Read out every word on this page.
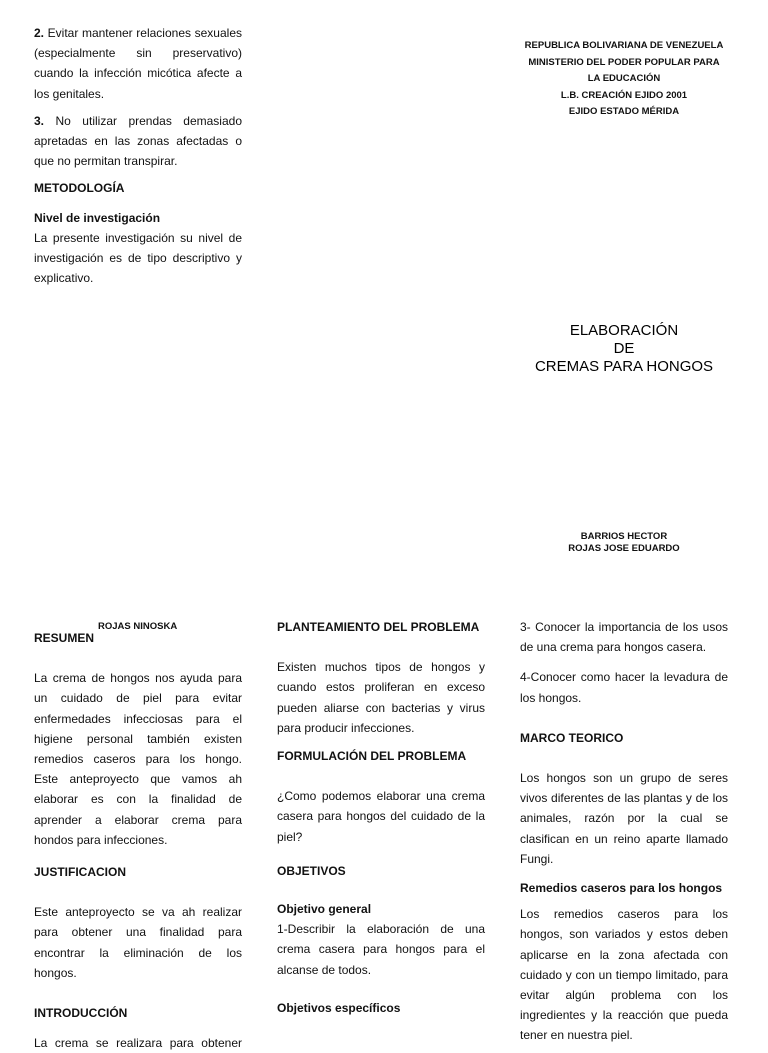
2. Evitar mantener relaciones sexuales (especialmente sin preservativo) cuando la infección micótica afecte a los genitales.

3. No utilizar prendas demasiado apretadas en las zonas afectadas o que no permitan transpirar.

METODOLOGÍA
Nivel de investigación

La presente investigación su nivel de investigación es de tipo descriptivo y explicativo.

REPUBLICA BOLIVARIANA DE VENEZUELA
MINISTERIO DEL PODER POPULAR PARA
LA EDUCACIÓN
L.B. CREACIÓN EJIDO 2001
EJIDO ESTADO MÉRIDA
ELABORACIÓN
DE
CREMAS PARA HONGOS
BARRIOS HECTOR
ROJAS JOSE EDUARDO
ROJAS NINOSKA
RESUMEN

La crema de hongos nos ayuda para un cuidado de piel para evitar enfermedades infecciosas para el higiene personal también existen remedios caseros para los hongo. Este anteproyecto que vamos ah elaborar es con la finalidad de aprender a elaborar crema para hondos para infecciones.

JUSTIFICACION

Este anteproyecto se va ah realizar para obtener una finalidad para encontrar la eliminación de los hongos.

INTRODUCCIÓN

La crema se realizara para obtener

PLANTEAMIENTO DEL PROBLEMA

Existen muchos tipos de hongos y cuando estos proliferan en exceso pueden aliarse con bacterias y virus para producir infecciones.

FORMULACIÓN DEL PROBLEMA

¿Como podemos elaborar una crema casera para hongos del cuidado de la piel?

OBJETIVOS
Objetivo general

1-Describir la elaboración de una crema casera para hongos para el alcanse de todos.

Objetivos específicos

3- Conocer la importancia de los usos de una crema para hongos casera.

4-Conocer como hacer la levadura de los hongos.

MARCO TEORICO

Los hongos son un grupo de seres vivos diferentes de las plantas y de los animales, razón por la cual se clasifican en un reino aparte llamado Fungi.

Remedios caseros para los hongos

Los remedios caseros para los hongos, son variados y estos deben aplicarse en la zona afectada con cuidado y con un tiempo limitado, para evitar algún problema con los ingredientes y la reacción que pueda tener en nuestra piel.
